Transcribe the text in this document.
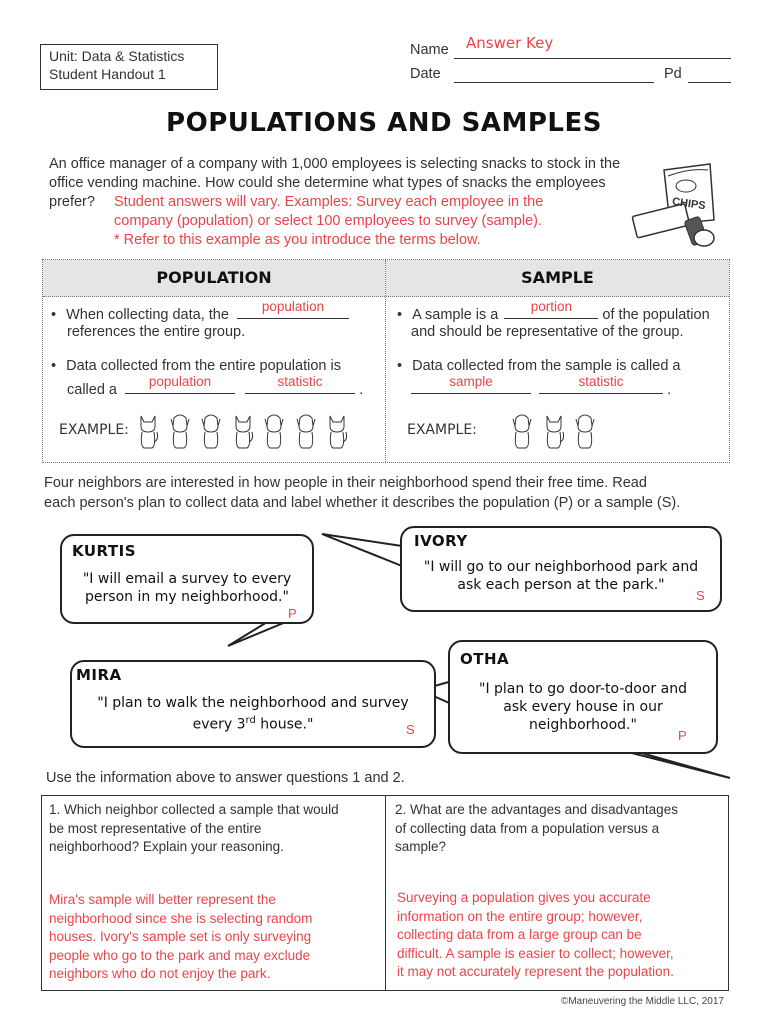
Unit: Data & Statistics
Student Handout 1
Name Answer Key
Date	Pd
POPULATIONS AND SAMPLES
An office manager of a company with 1,000 employees is selecting snacks to stock in the
office vending machine. How could she determine what types of snacks the employees
prefer? Student answers will vary. Examples: Survey each employee in the
company (population) or select 100 employees to survey (sample).
* Refer to this example as you introduce the terms below.
CHIPS
POPULATION	SAMPLE
• When collecting data, the
population
references the entire group.
• Data collected from the entire population is
called a
population
	statistic
.
EXAMPLE:
• A sample is a
portion
of the population
and should be representative of the group.
• Data collected from the sample is called a
sample
	statistic
.
EXAMPLE:
Four neighbors are interested in how people in their neighborhood spend their free time. Read
each person's plan to collect data and label whether it describes the population (P) or a sample (S).
KURTIS
"I will email a survey to every
person in my neighborhood."
P
IVORY
"I will go to our neighborhood park and
ask each person at the park."
S
MIRA
"I plan to walk the neighborhood and survey
every 3rd house."	S
OTHA
"I plan to go door-to-door and
ask every house in our
neighborhood."
P
Use the information above to answer questions 1 and 2.
1. Which neighbor collected a sample that would
be most representative of the entire
neighborhood? Explain your reasoning.
Mira's sample will better represent the
neighborhood since she is selecting random
houses. Ivory's sample set is only surveying
people who go to the park and may exclude
neighbors who do not enjoy the park.
2. What are the advantages and disadvantages
of collecting data from a population versus a
sample?
Surveying a population gives you accurate
information on the entire group; however,
collecting data from a large group can be
difficult. A sample is easier to collect; however,
it may not accurately represent the population.
©Maneuvering the Middle LLC, 2017
